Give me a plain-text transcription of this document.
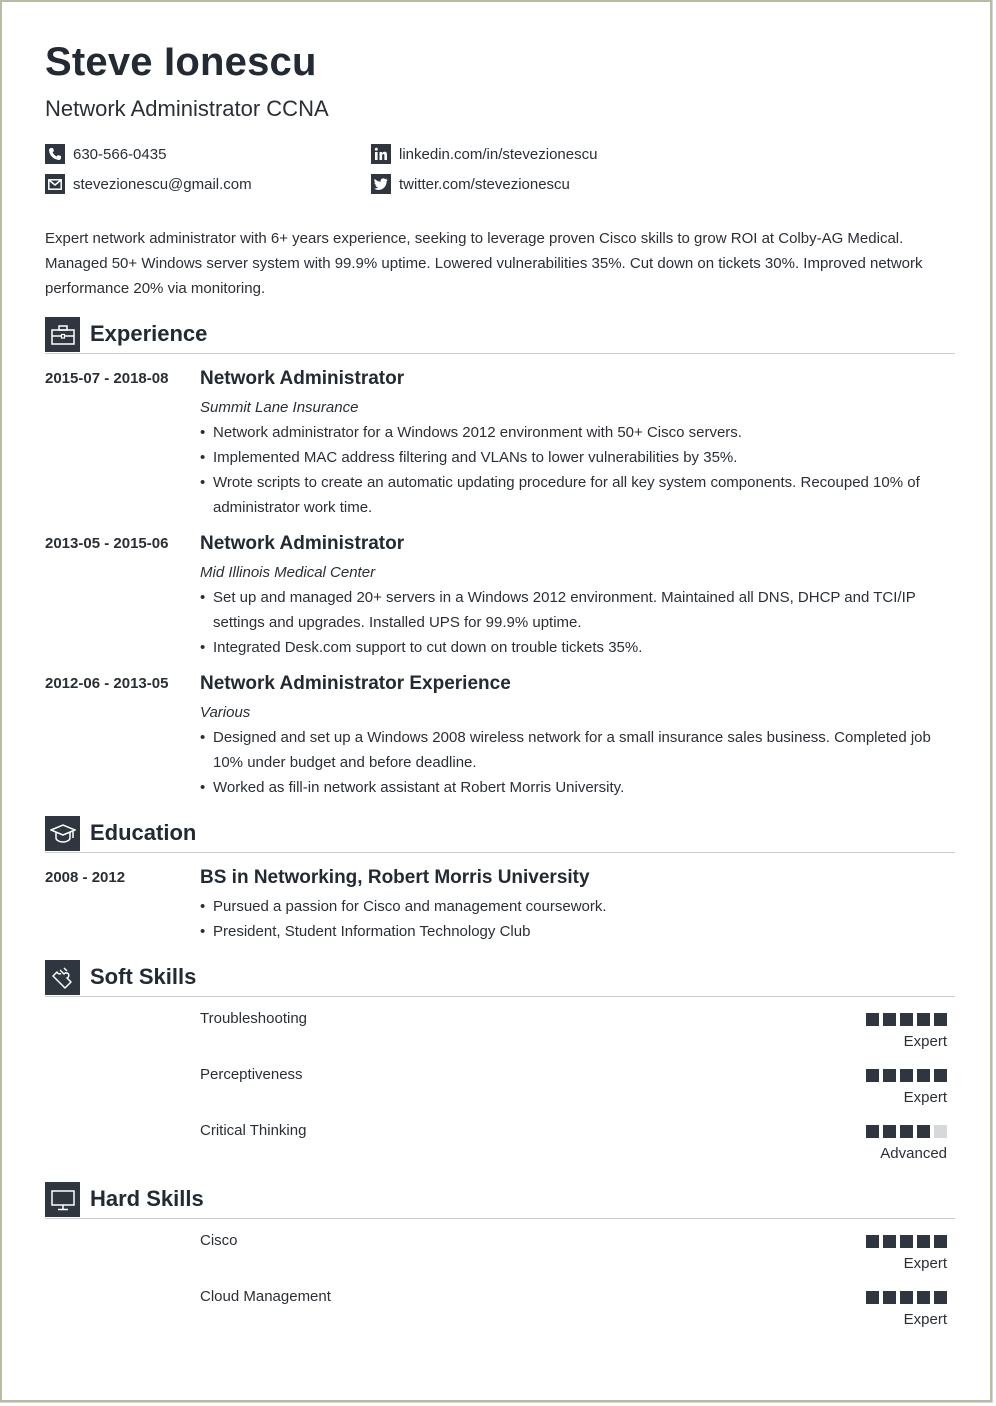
Steve Ionescu
Network Administrator CCNA
630-566-0435
stevezionescu@gmail.com
linkedin.com/in/stevezionescu
twitter.com/stevezionescu
Expert network administrator with 6+ years experience, seeking to leverage proven Cisco skills to grow ROI at Colby-AG Medical. Managed 50+ Windows server system with 99.9% uptime. Lowered vulnerabilities 35%. Cut down on tickets 30%. Improved network performance 20% via monitoring.
Experience
2015-07 - 2018-08 Network Administrator
Summit Lane Insurance
• Network administrator for a Windows 2012 environment with 50+ Cisco servers.
• Implemented MAC address filtering and VLANs to lower vulnerabilities by 35%.
• Wrote scripts to create an automatic updating procedure for all key system components. Recouped 10% of administrator work time.
2013-05 - 2015-06 Network Administrator
Mid Illinois Medical Center
• Set up and managed 20+ servers in a Windows 2012 environment. Maintained all DNS, DHCP and TCI/IP settings and upgrades. Installed UPS for 99.9% uptime.
• Integrated Desk.com support to cut down on trouble tickets 35%.
2012-06 - 2013-05 Network Administrator Experience
Various
• Designed and set up a Windows 2008 wireless network for a small insurance sales business. Completed job 10% under budget and before deadline.
• Worked as fill-in network assistant at Robert Morris University.
Education
2008 - 2012	BS in Networking, Robert Morris University
• Pursued a passion for Cisco and management coursework.
• President, Student Information Technology Club
Soft Skills
Troubleshooting
Expert
Perceptiveness
Expert
Critical Thinking
Advanced
Hard Skills
Cisco
Expert
Cloud Management
Expert
